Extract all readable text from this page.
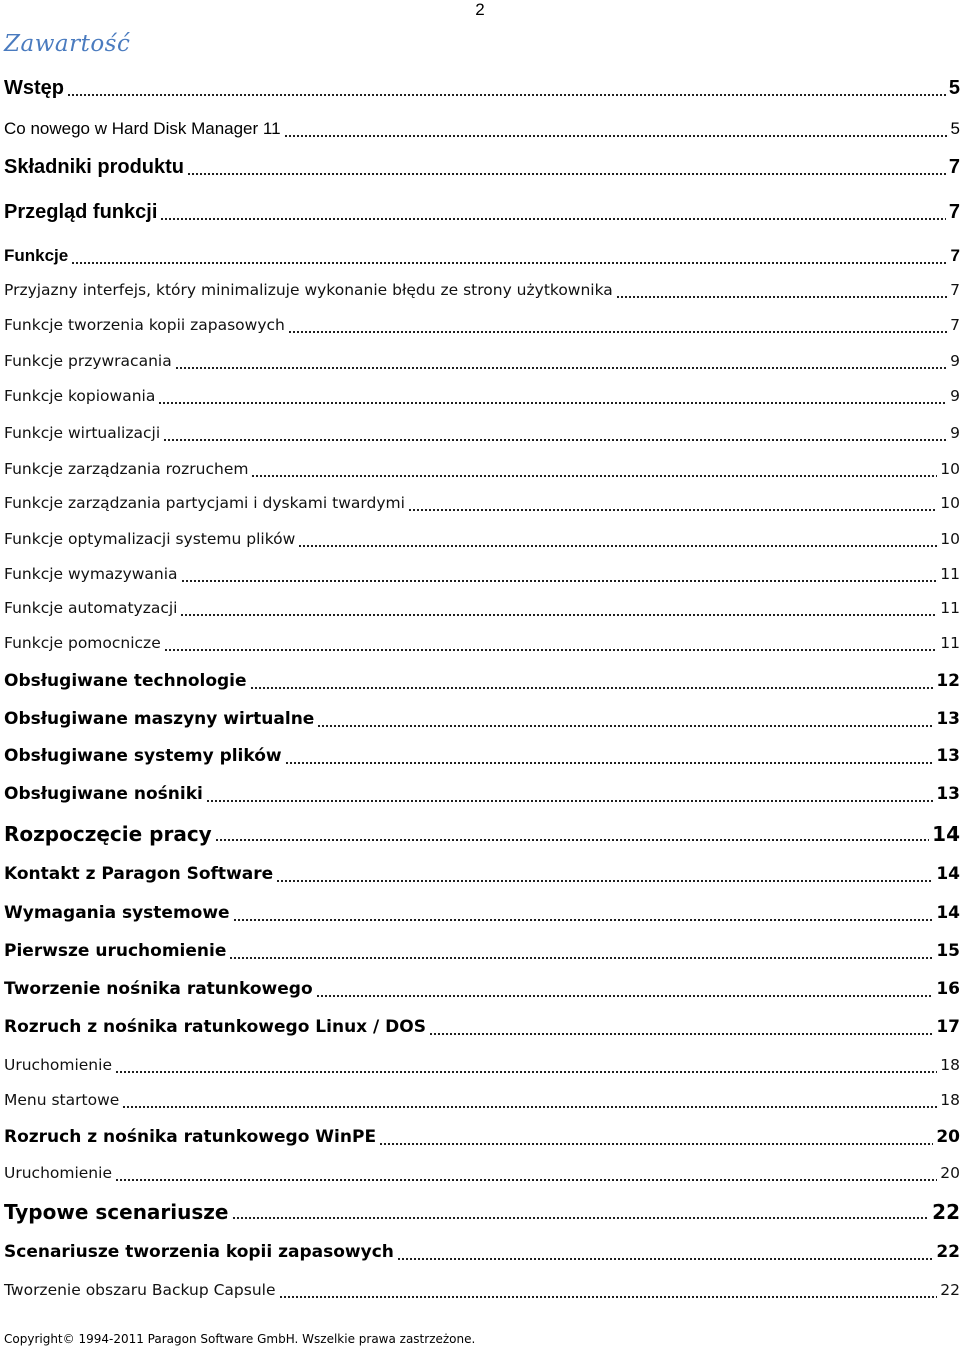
2
Zawartość
Wstęp	5
Co nowego w Hard Disk Manager 11	5
Składniki produktu	7
Przegląd funkcji	7
Funkcje	7
Przyjazny interfejs, który minimalizuje wykonanie błędu ze strony użytkownika	7
Funkcje tworzenia kopii zapasowych	7
Funkcje przywracania	9
Funkcje kopiowania	9
Funkcje wirtualizacji	9
Funkcje zarządzania rozruchem	10
Funkcje zarządzania partycjami i dyskami twardymi	10
Funkcje optymalizacji systemu plików	10
Funkcje wymazywania	11
Funkcje automatyzacji	11
Funkcje pomocnicze	11
Obsługiwane technologie	12
Obsługiwane maszyny wirtualne	13
Obsługiwane systemy plików	13
Obsługiwane nośniki	13
Rozpoczęcie pracy	14
Kontakt z Paragon Software	14
Wymagania systemowe	14
Pierwsze uruchomienie	15
Tworzenie nośnika ratunkowego	16
Rozruch z nośnika ratunkowego Linux / DOS	17
Uruchomienie	18
Menu startowe	18
Rozruch z nośnika ratunkowego WinPE	20
Uruchomienie	20
Typowe scenariusze	22
Scenariusze tworzenia kopii zapasowych	22
Tworzenie obszaru Backup Capsule	22
Copyright© 1994-2011 Paragon Software GmbH. Wszelkie prawa zastrzeżone.
